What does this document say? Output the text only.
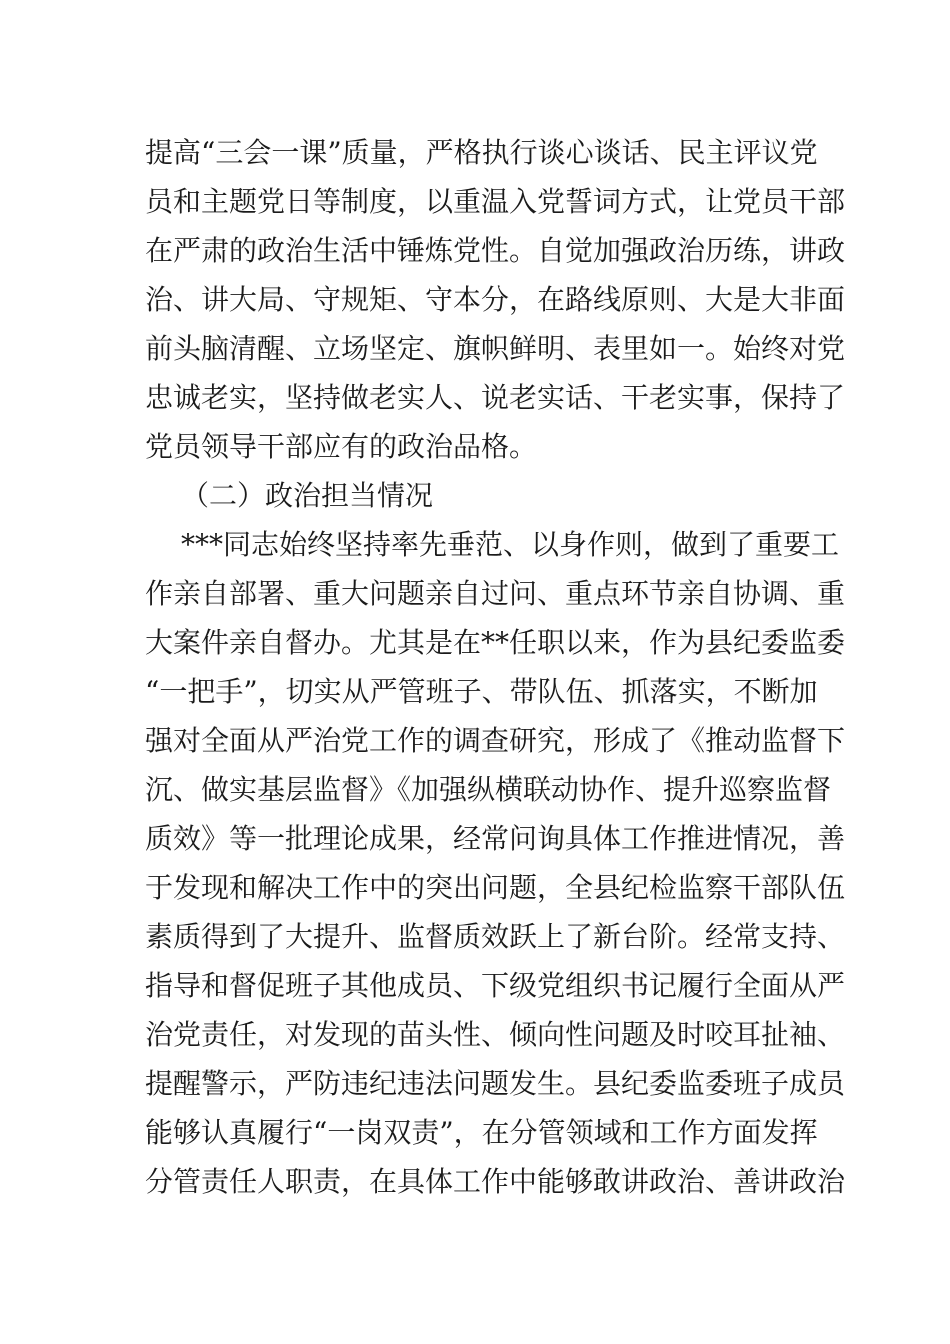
提高“三会一课”质量，严格执行谈心谈话、民主评议党
员和主题党日等制度，以重温入党誓词方式，让党员干部
在严肃的政治生活中锤炼党性。自觉加强政治历练，讲政
治、讲大局、守规矩、守本分，在路线原则、大是大非面
前头脑清醒、立场坚定、旗帜鲜明、表里如一。始终对党
忠诚老实，坚持做老实人、说老实话、干老实事，保持了
党员领导干部应有的政治品格。
（二）政治担当情况
***同志始终坚持率先垂范、以身作则，做到了重要工
作亲自部署、重大问题亲自过问、重点环节亲自协调、重
大案件亲自督办。尤其是在**任职以来，作为县纪委监委
“一把手”，切实从严管班子、带队伍、抓落实，不断加
强对全面从严治党工作的调查研究，形成了《推动监督下
沉、做实基层监督》《加强纵横联动协作、提升巡察监督
质效》等一批理论成果，经常问询具体工作推进情况，善
于发现和解决工作中的突出问题，全县纪检监察干部队伍
素质得到了大提升、监督质效跃上了新台阶。经常支持、
指导和督促班子其他成员、下级党组织书记履行全面从严
治党责任，对发现的苗头性、倾向性问题及时咬耳扯袖、
提醒警示，严防违纪违法问题发生。县纪委监委班子成员
能够认真履行“一岗双责”，在分管领域和工作方面发挥
分管责任人职责，在具体工作中能够敢讲政治、善讲政治
